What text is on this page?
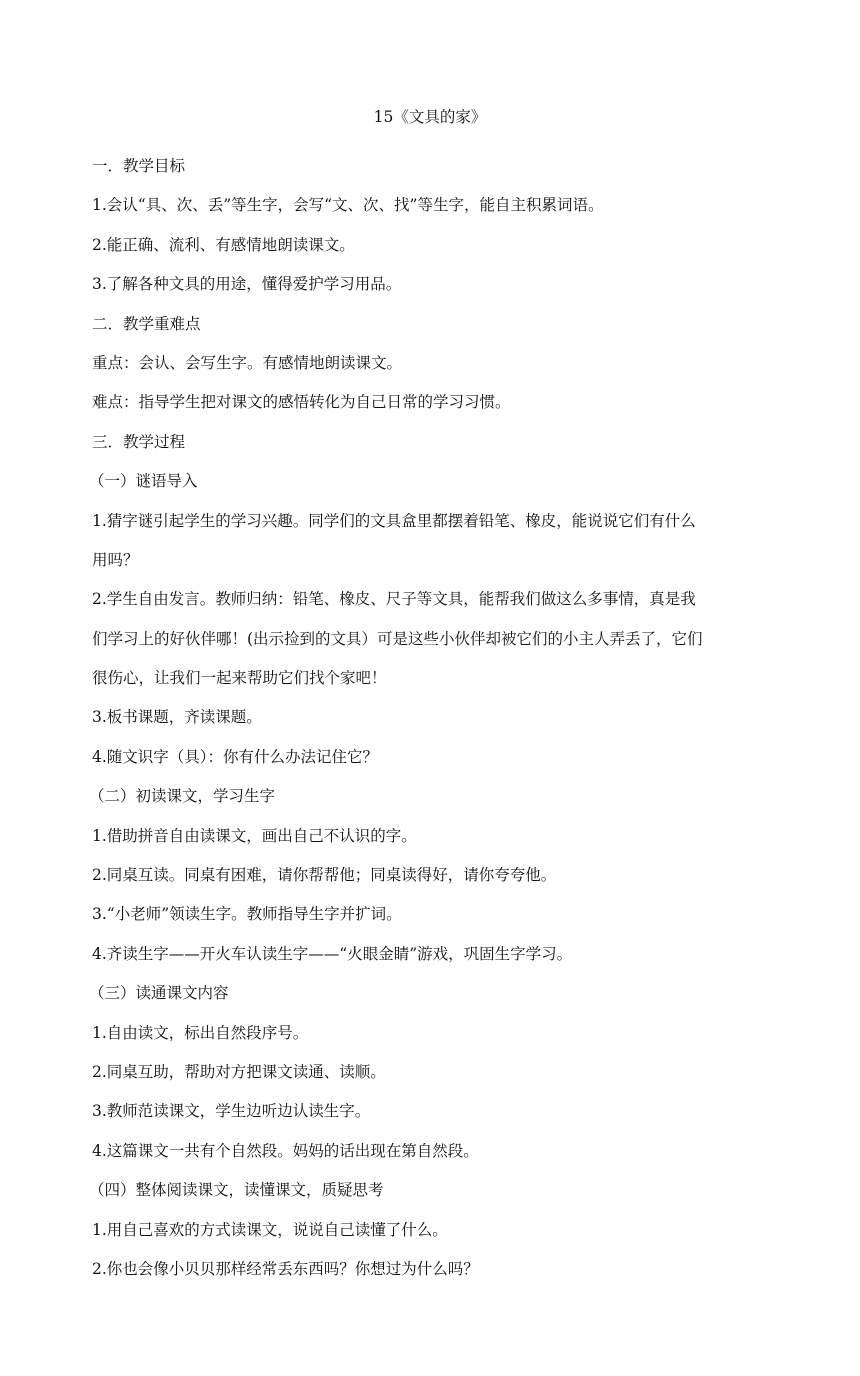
15《文具的家》
一．教学目标
1.会认“具、次、丢”等生字，会写“文、次、找”等生字，能自主积累词语。
2.能正确、流利、有感情地朗读课文。
3.了解各种文具的用途，懂得爱护学习用品。
二．教学重难点
重点：会认、会写生字。有感情地朗读课文。
难点：指导学生把对课文的感悟转化为自己日常的学习习惯。
三．教学过程
（一）谜语导入
1.猜字谜引起学生的学习兴趣。同学们的文具盒里都摆着铅笔、橡皮，能说说它们有什么
用吗？
2.学生自由发言。教师归纳：铅笔、橡皮、尺子等文具，能帮我们做这么多事情，真是我
们学习上的好伙伴哪！(出示捡到的文具）可是这些小伙伴却被它们的小主人弄丢了，它们
很伤心，让我们一起来帮助它们找个家吧！
3.板书课题，齐读课题。
4.随文识字（具）：你有什么办法记住它？
（二）初读课文，学习生字
1.借助拼音自由读课文，画出自己不认识的字。
2.同桌互读。同桌有困难，请你帮帮他；同桌读得好，请你夸夸他。
3.“小老师”领读生字。教师指导生字并扩词。
4.齐读生字——开火车认读生字——“火眼金睛”游戏，巩固生字学习。
（三）读通课文内容
1.自由读文，标出自然段序号。
2.同桌互助，帮助对方把课文读通、读顺。
3.教师范读课文，学生边听边认读生字。
4.这篇课文一共有个自然段。妈妈的话出现在第自然段。
（四）整体阅读课文，读懂课文，质疑思考
1.用自己喜欢的方式读课文，说说自己读懂了什么。
2.你也会像小贝贝那样经常丢东西吗？你想过为什么吗？
